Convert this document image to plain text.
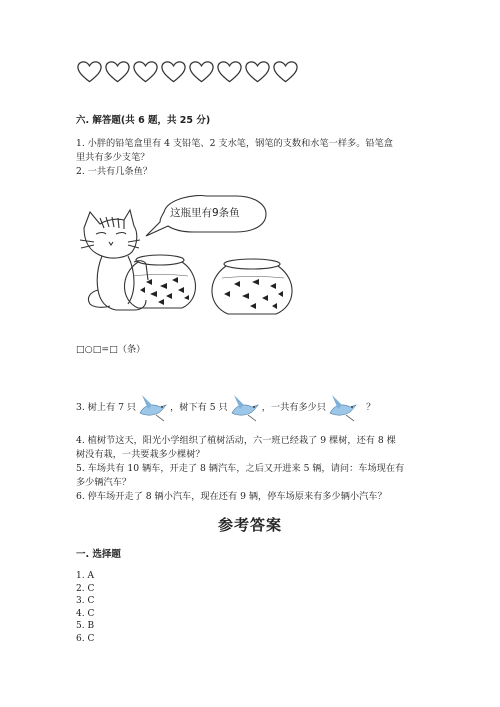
六. 解答题(共 6 题，共 25 分)
1. 小胖的铅笔盒里有 4 支铅笔、2 支水笔，钢笔的支数和水笔一样多。铅笔盒
里共有多少支笔？
2. 一共有几条鱼？
这瓶里有9条鱼
□○□=□（条）
3. 树上有 7 只	，树下有 5 只	，一共有多少只	？
4. 植树节这天，阳光小学组织了植树活动，六一班已经栽了 9 棵树，还有 8 棵
树没有栽，一共要栽多少棵树？
5. 车场共有 10 辆车，开走了 8 辆汽车，之后又开进来 5 辆，请问：车场现在有
多少辆汽车？
6. 停车场开走了 8 辆小汽车，现在还有 9 辆，停车场原来有多少辆小汽车？
参考答案
一. 选择题
1. A
2. C
3. C
4. C
5. B
6. C
